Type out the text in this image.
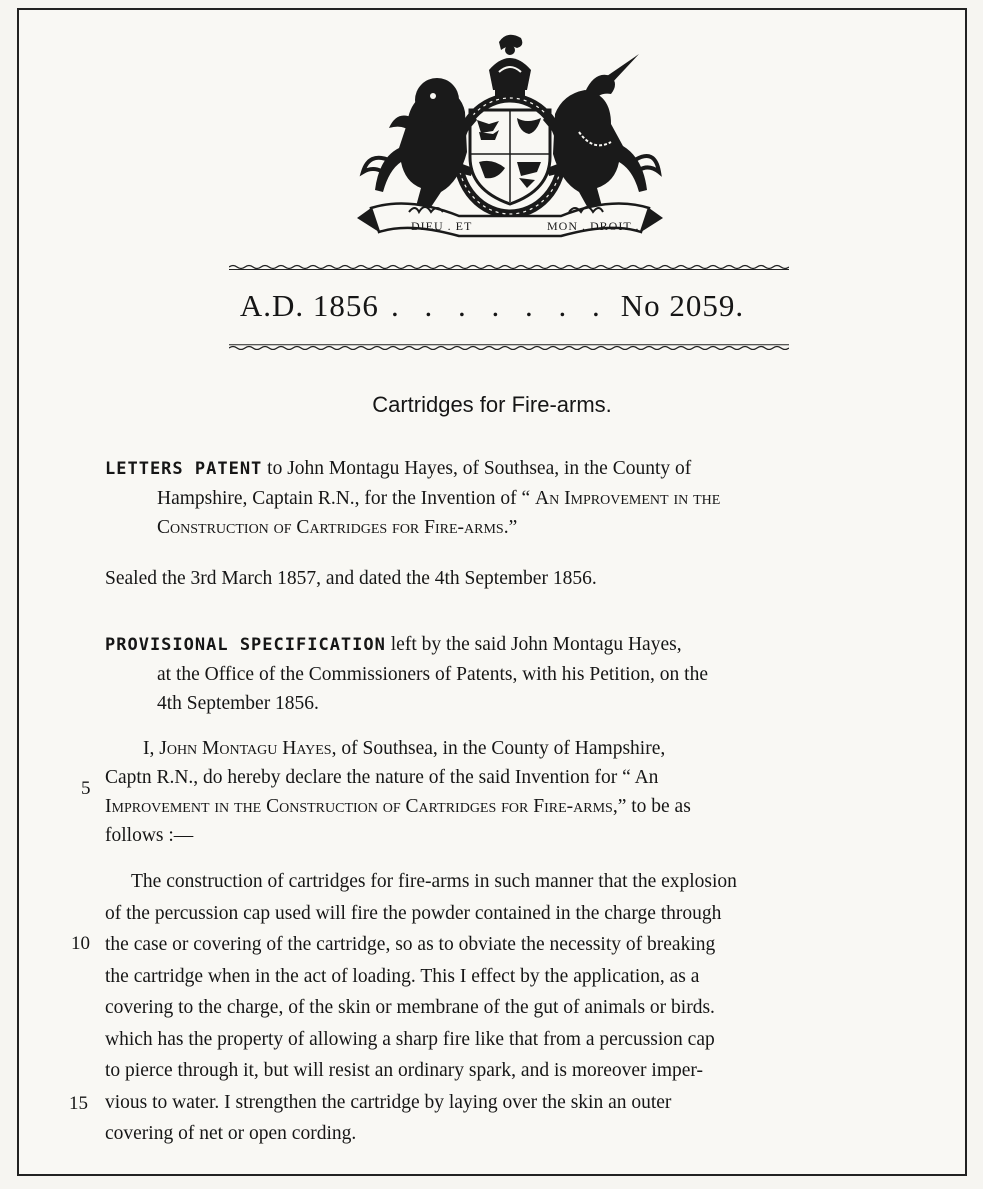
DIEU . ET	MON . DROIT .
A.D. 1856 . . . . . . . No 2059.
Cartridges for Fire-arms.
LETTERS PATENT to John Montagu Hayes, of Southsea, in the County of
Hampshire, Captain R.N., for the Invention of “ An Improvement in the
Construction of Cartridges for Fire-arms.”
Sealed the 3rd March 1857, and dated the 4th September 1856.
PROVISIONAL SPECIFICATION left by the said John Montagu Hayes,
at the Office of the Commissioners of Patents, with his Petition, on the
4th September 1856.
I, John Montagu Hayes, of Southsea, in the County of Hampshire,
Captn R.N., do hereby declare the nature of the said Invention for “ An
Improvement in the Construction of Cartridges for Fire-arms,” to be as
follows :—
The construction of cartridges for fire-arms in such manner that the explosion
of the percussion cap used will fire the powder contained in the charge through
the case or covering of the cartridge, so as to obviate the necessity of breaking
the cartridge when in the act of loading. This I effect by the application, as a
covering to the charge, of the skin or membrane of the gut of animals or birds.
which has the property of allowing a sharp fire like that from a percussion cap
to pierce through it, but will resist an ordinary spark, and is moreover imper-
vious to water. I strengthen the cartridge by laying over the skin an outer
covering of net or open cording.
5
10
15
